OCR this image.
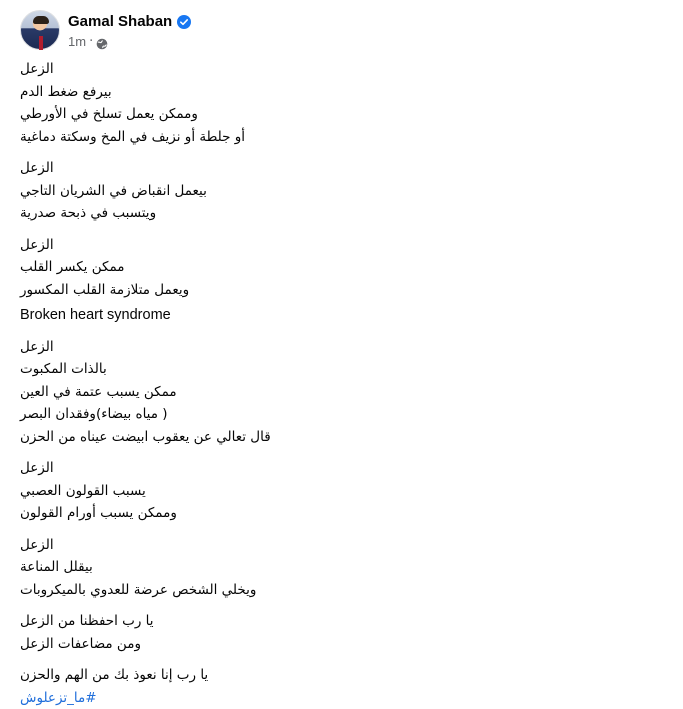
Gamal Shaban
1m ·
الزعل
بيرفع ضغط الدم
وممكن يعمل تسلخ في الأورطي
أو جلطة أو نزيف في المخ وسكتة دماغية
الزعل
بيعمل انقباض في الشريان التاجي
ويتسبب في ذبحة صدرية
الزعل
ممكن يكسر القلب
ويعمل متلازمة القلب المكسور
Broken heart syndrome
الزعل
بالذات المكبوت
ممكن يسبب عتمة في العين
( مياه بيضاء)وفقدان البصر
قال تعالي عن يعقوب ابيضت عيناه من الحزن
الزعل
يسبب القولون العصبي
وممكن يسبب أورام القولون
الزعل
بيقلل المناعة
ويخلي الشخص عرضة للعدوي بالميكروبات
يا رب احفظنا من الزعل
ومن مضاعفات الزعل
يا رب إنا نعوذ بك من الهم والحزن
#ما_تزعلوش
